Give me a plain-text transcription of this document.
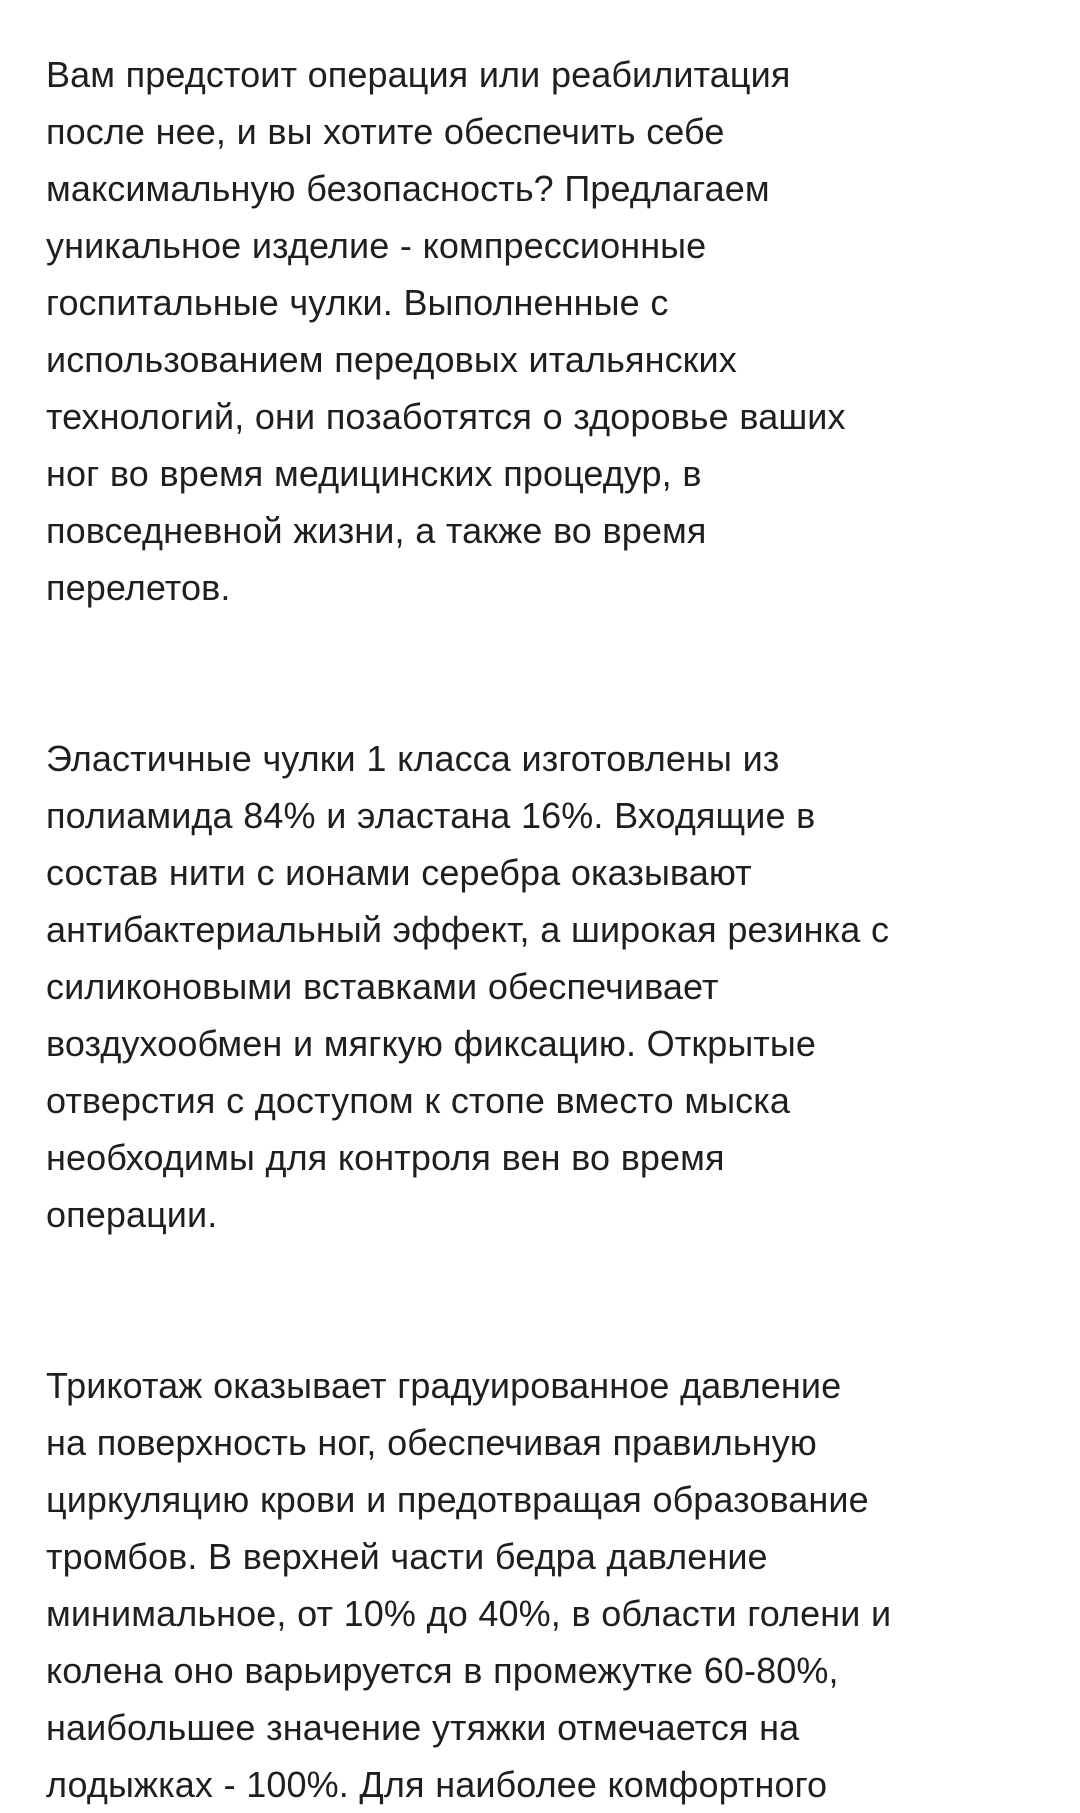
Вам предстоит операция или реабилитация
после нее, и вы хотите обеспечить себе
максимальную безопасность? Предлагаем
уникальное изделие - компрессионные
госпитальные чулки. Выполненные с
использованием передовых итальянских
технологий, они позаботятся о здоровье ваших
ног во время медицинских процедур, в
повседневной жизни, а также во время
перелетов.

Эластичные чулки 1 класса изготовлены из
полиамида 84% и эластана 16%. Входящие в
состав нити с ионами серебра оказывают
антибактериальный эффект, а широкая резинка с
силиконовыми вставками обеспечивает
воздухообмен и мягкую фиксацию. Открытые
отверстия с доступом к стопе вместо мыска
необходимы для контроля вен во время
операции.

Трикотаж оказывает градуированное давление
на поверхность ног, обеспечивая правильную
циркуляцию крови и предотвращая образование
тромбов. В верхней части бедра давление
минимальное, от 10% до 40%, в области голени и
колена оно варьируется в промежутке 60-80%,
наибольшее значение утяжки отмечается на
лодыжках - 100%. Для наиболее комфортного
